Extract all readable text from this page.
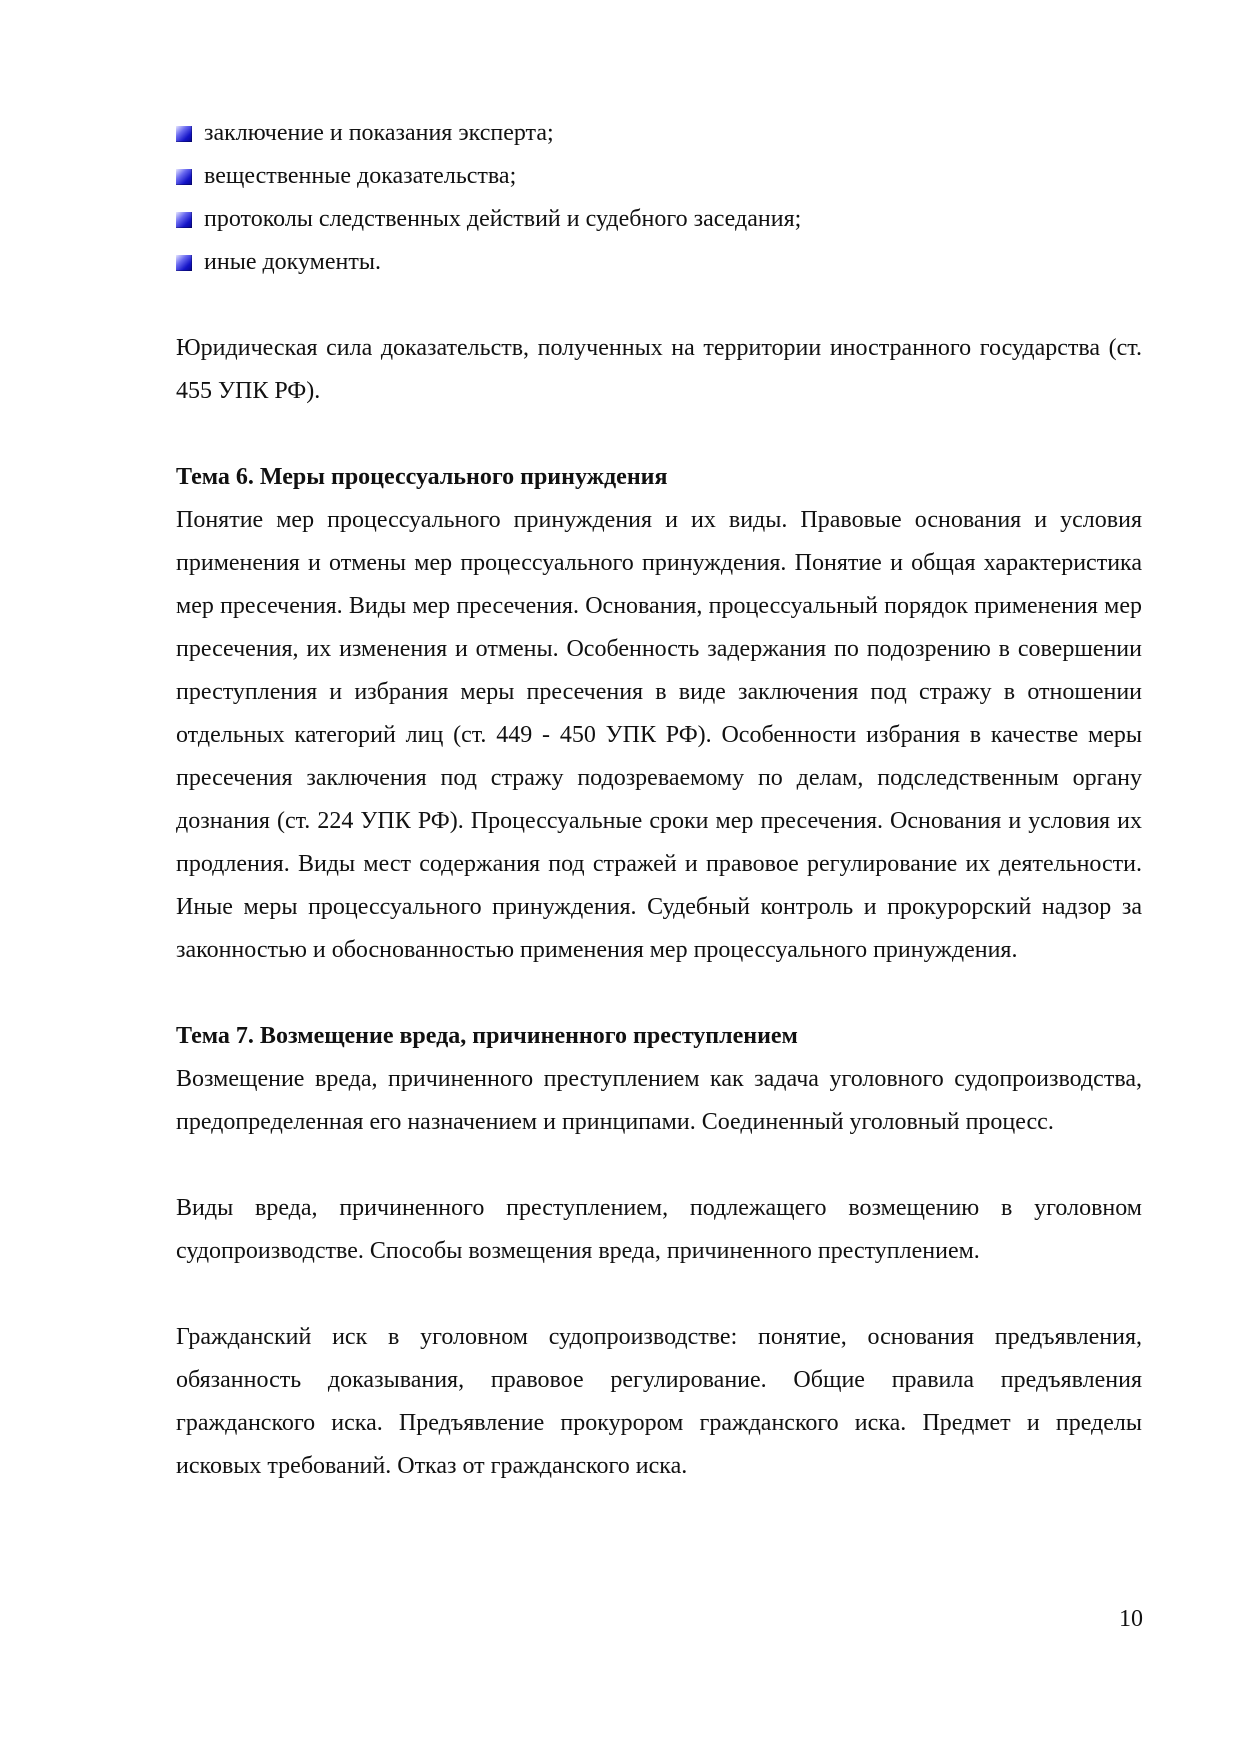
заключение и показания эксперта;
вещественные доказательства;
протоколы следственных действий и судебного заседания;
иные документы.

Юридическая сила доказательств, полученных на территории иностранного государства (ст. 455 УПК РФ).

Тема 6. Меры процессуального принуждения

Понятие мер процессуального принуждения и их виды. Правовые основания и условия применения и отмены мер процессуального принуждения. Понятие и общая характеристика мер пресечения. Виды мер пресечения. Основания, процессуальный порядок применения мер пресечения, их изменения и отмены. Особенность задержания по подозрению в совершении преступления и избрания меры пресечения в виде заключения под стражу в отношении отдельных категорий лиц (ст. 449 - 450 УПК РФ). Особенности избрания в качестве меры пресечения заключения под стражу подозреваемому по делам, подследственным органу дознания (ст. 224 УПК РФ). Процессуальные сроки мер пресечения. Основания и условия их продления. Виды мест содержания под стражей и правовое регулирование их деятельности. Иные меры процессуального принуждения. Судебный контроль и прокурорский надзор за законностью и обоснованностью применения мер процессуального принуждения.

Тема 7. Возмещение вреда, причиненного преступлением

Возмещение вреда, причиненного преступлением как задача уголовного судопроизводства, предопределенная его назначением и принципами. Соединенный уголовный процесс.

Виды вреда, причиненного преступлением, подлежащего возмещению в уголовном судопроизводстве. Способы возмещения вреда, причиненного преступлением.

Гражданский иск в уголовном судопроизводстве: понятие, основания предъявления, обязанность доказывания, правовое регулирование. Общие правила предъявления гражданского иска. Предъявление прокурором гражданского иска. Предмет и пределы исковых требований. Отказ от гражданского иска.

10
